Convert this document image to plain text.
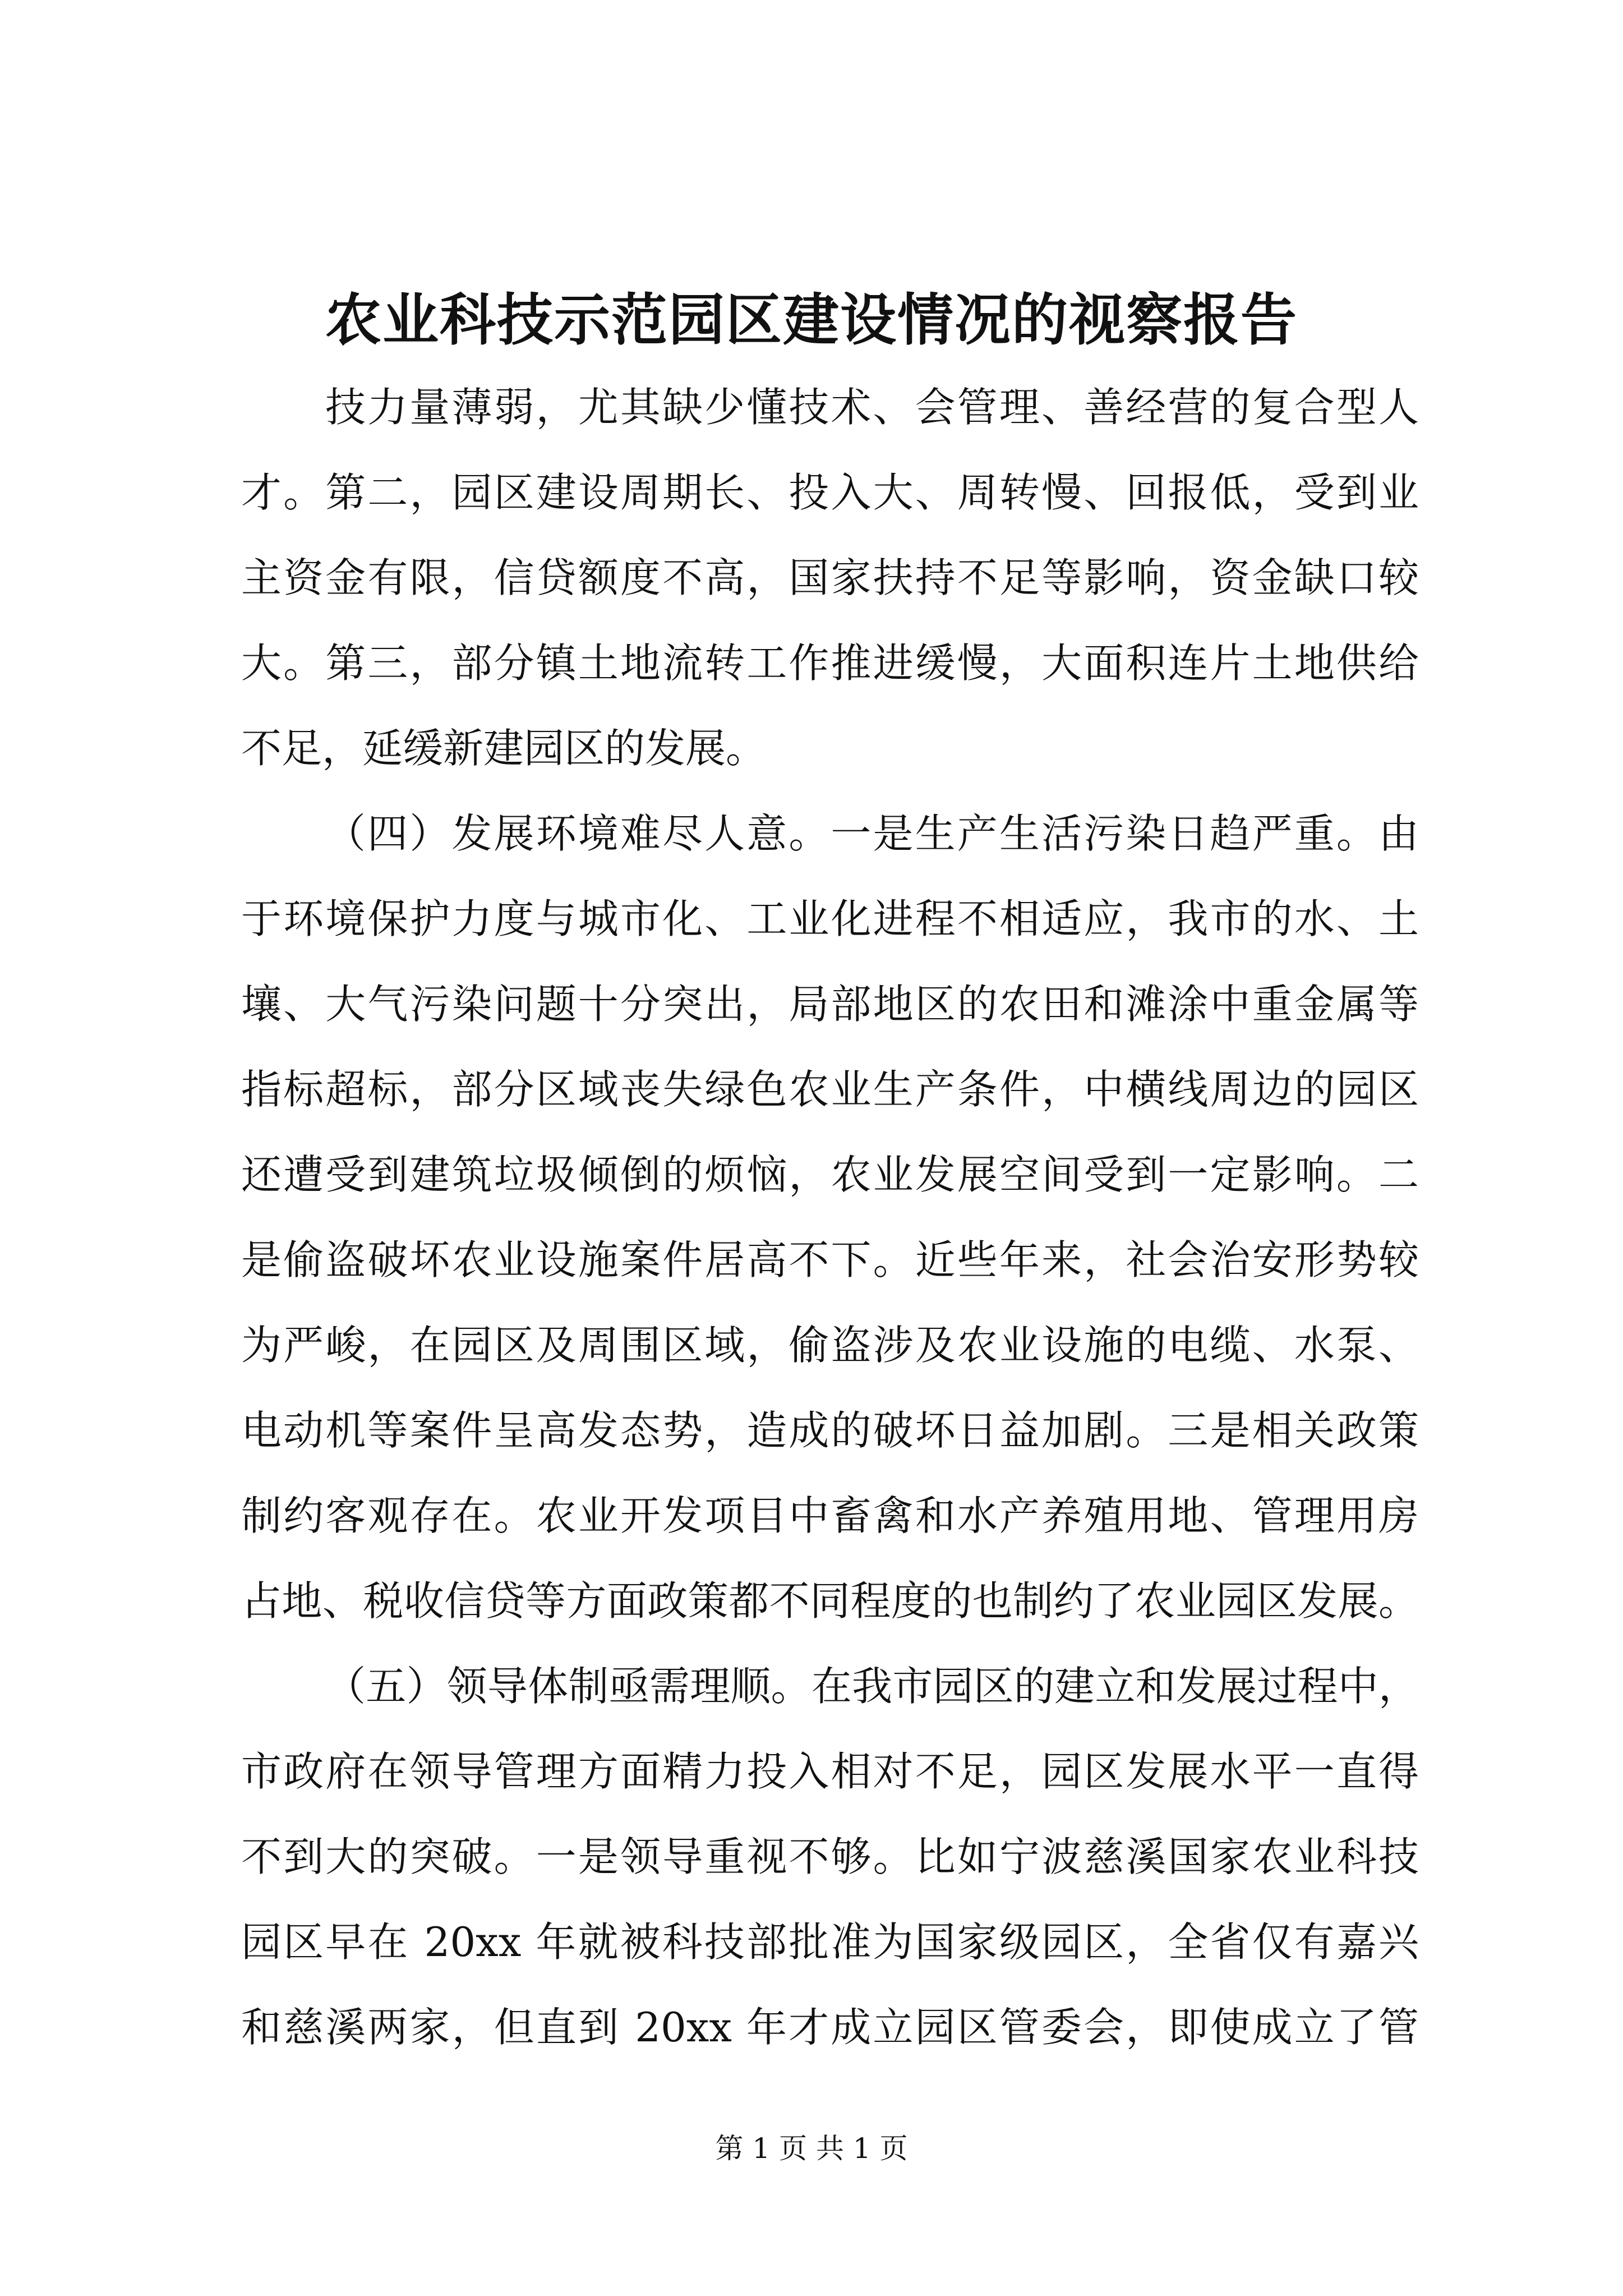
农业科技示范园区建设情况的视察报告
技力量薄弱，尤其缺少懂技术、会管理、善经营的复合型人
才。第二，园区建设周期长、投入大、周转慢、回报低，受到业
主资金有限，信贷额度不高，国家扶持不足等影响，资金缺口较
大。第三，部分镇土地流转工作推进缓慢，大面积连片土地供给
不足，延缓新建园区的发展。
（四）发展环境难尽人意。一是生产生活污染日趋严重。由
于环境保护力度与城市化、工业化进程不相适应，我市的水、土
壤、大气污染问题十分突出，局部地区的农田和滩涂中重金属等
指标超标，部分区域丧失绿色农业生产条件，中横线周边的园区
还遭受到建筑垃圾倾倒的烦恼，农业发展空间受到一定影响。二
是偷盗破坏农业设施案件居高不下。近些年来，社会治安形势较
为严峻，在园区及周围区域，偷盗涉及农业设施的电缆、水泵、
电动机等案件呈高发态势，造成的破坏日益加剧。三是相关政策
制约客观存在。农业开发项目中畜禽和水产养殖用地、管理用房
占地、税收信贷等方面政策都不同程度的也制约了农业园区发展。
（五）领导体制亟需理顺。在我市园区的建立和发展过程中，
市政府在领导管理方面精力投入相对不足，园区发展水平一直得
不到大的突破。一是领导重视不够。比如宁波慈溪国家农业科技
园区早在 20xx 年就被科技部批准为国家级园区，全省仅有嘉兴
和慈溪两家，但直到 20xx 年才成立园区管委会，即使成立了管
第 1 页 共 1 页
